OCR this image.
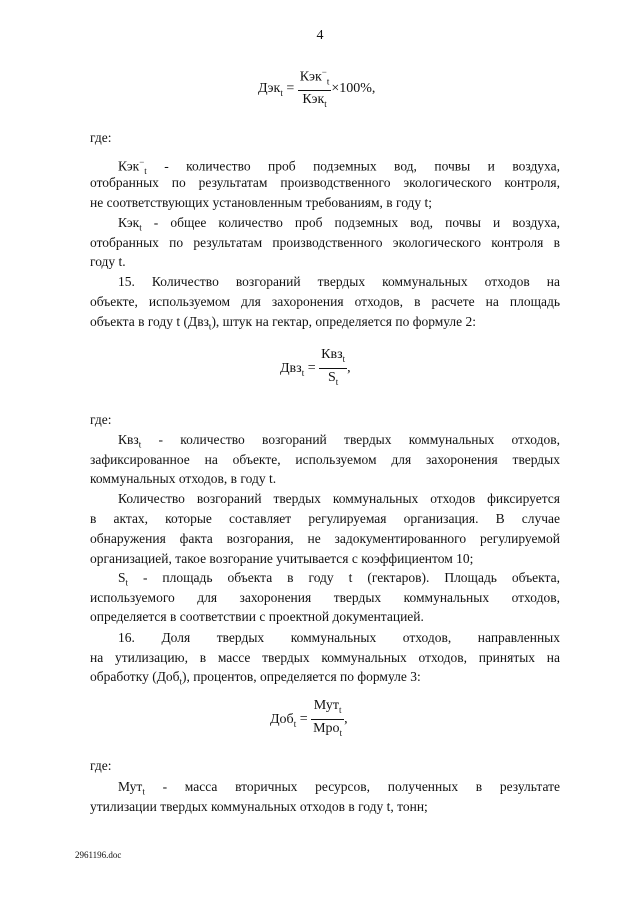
4
$Дэк_t = \frac{Кэк^-_t}{Кэк_t} \times 100\%$,
где:
Кэк−$_t$ - количество проб подземных вод, почвы и воздуха,
отобранных по результатам производственного экологического контроля,
не соответствующих установленным требованиям, в году t;
Кэк$_t$ - общее количество проб подземных вод, почвы и воздуха,
отобранных по результатам производственного экологического контроля в
году t.
15. Количество возгораний твердых коммунальных отходов на
объекте, используемом для захоронения отходов, в расчете на площадь
объекта в году t (Двз$_t$), штук на гектар, определяется по формуле 2:
$Двз_t = \frac{Квз_t}{S_t}$ ,
где:
Квз$_t$ - количество возгораний твердых коммунальных отходов,
зафиксированное на объекте, используемом для захоронения твердых
коммунальных отходов, в году t.
Количество возгораний твердых коммунальных отходов фиксируется
в актах, которые составляет регулируемая организация. В случае
обнаружения факта возгорания, не задокументированного регулируемой
организацией, такое возгорание учитывается с коэффициентом 10;
$S_t$ - площадь объекта в году t (гектаров). Площадь объекта,
используемого для захоронения твердых коммунальных отходов,
определяется в соответствии с проектной документацией.
16. Доля твердых коммунальных отходов, направленных
на утилизацию, в массе твердых коммунальных отходов, принятых на
обработку (Доб$_t$), процентов, определяется по формуле 3:
$Доб_t = \frac{Мут_t}{Мро_t}$ ,
где:
Мут$_t$ - масса вторичных ресурсов, полученных в результате
утилизации твердых коммунальных отходов в году t, тонн;
2961196.doc
